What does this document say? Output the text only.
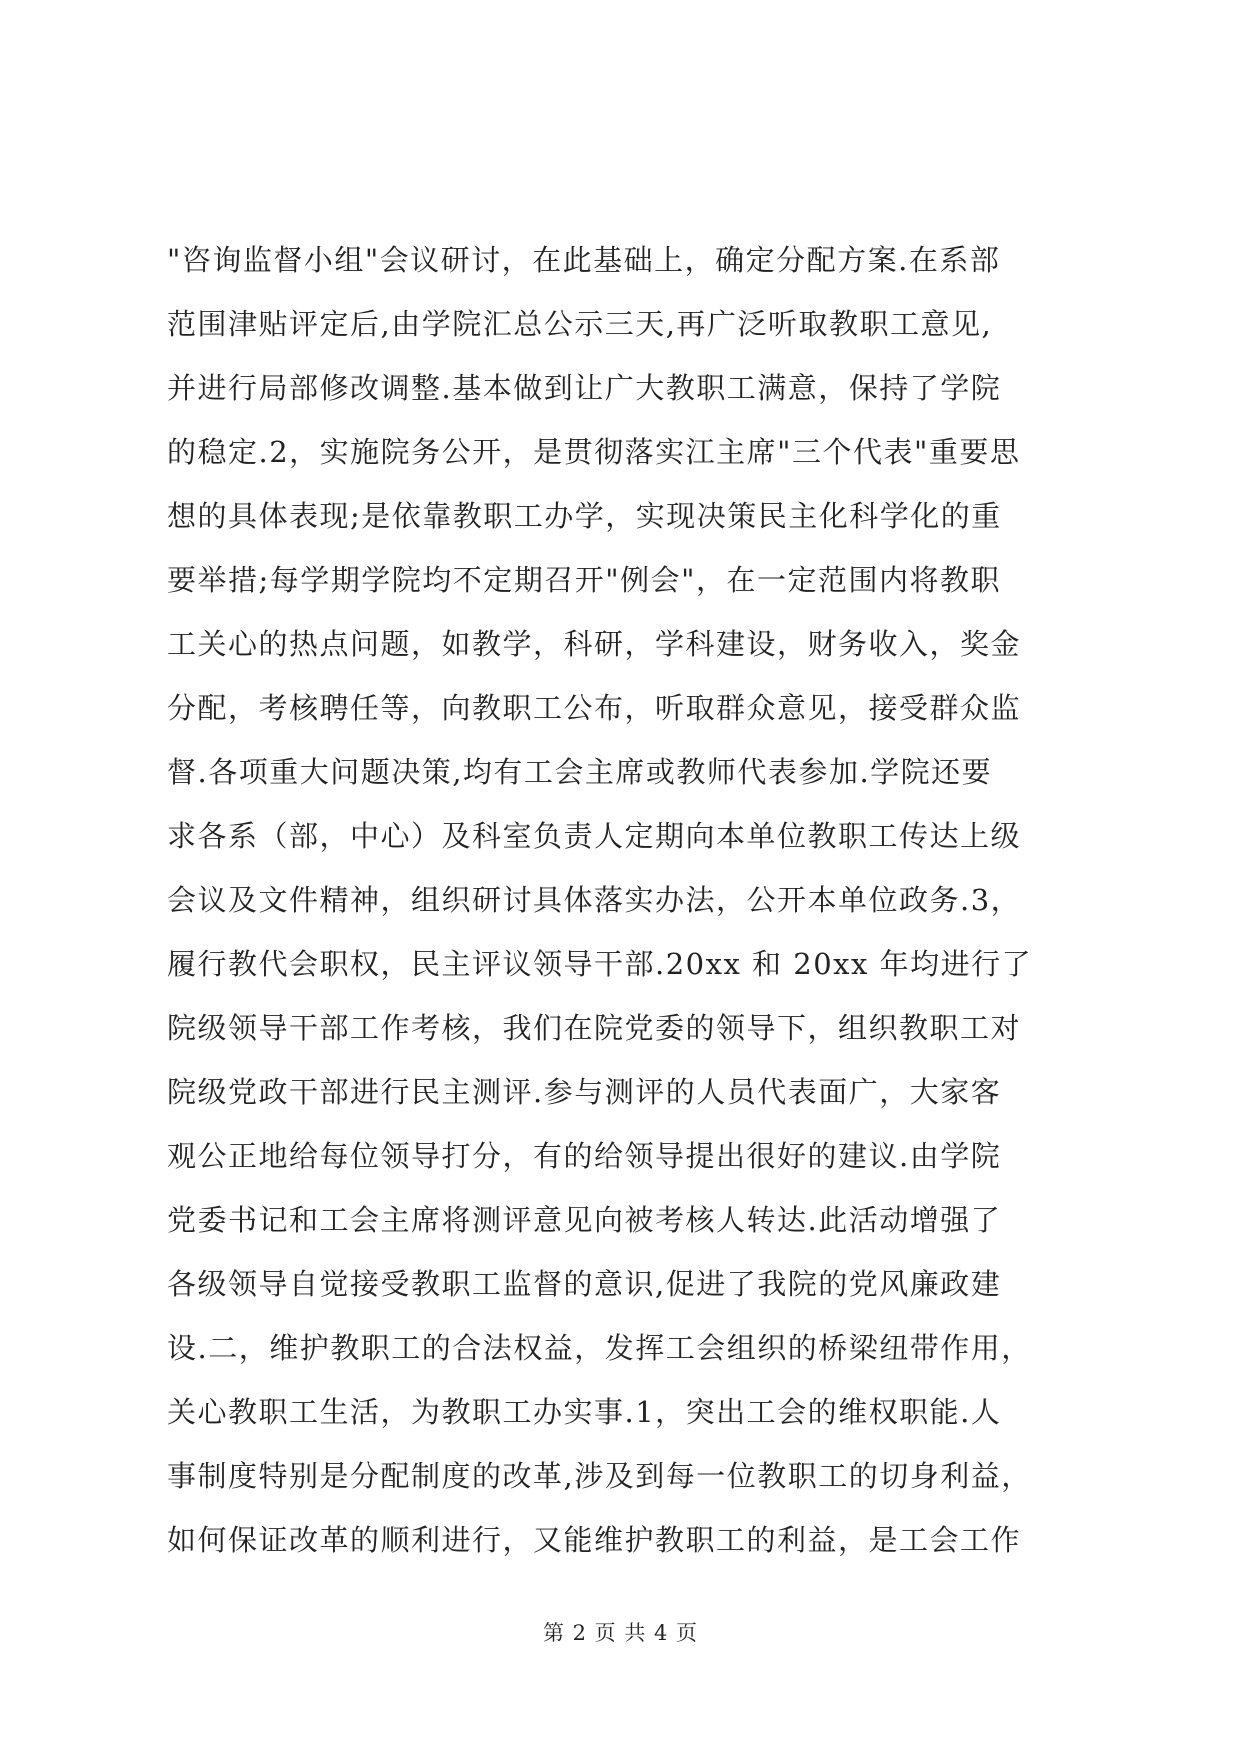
"咨询监督小组"会议研讨，在此基础上，确定分配方案.在系部
范围津贴评定后,由学院汇总公示三天,再广泛听取教职工意见,
并进行局部修改调整.基本做到让广大教职工满意，保持了学院
的稳定.2，实施院务公开，是贯彻落实江主席"三个代表"重要思
想的具体表现;是依靠教职工办学，实现决策民主化科学化的重
要举措;每学期学院均不定期召开"例会"，在一定范围内将教职
工关心的热点问题，如教学，科研，学科建设，财务收入，奖金
分配，考核聘任等，向教职工公布，听取群众意见，接受群众监
督.各项重大问题决策,均有工会主席或教师代表参加.学院还要
求各系（部，中心）及科室负责人定期向本单位教职工传达上级
会议及文件精神，组织研讨具体落实办法，公开本单位政务.3，
履行教代会职权，民主评议领导干部.20xx 和 20xx 年均进行了
院级领导干部工作考核，我们在院党委的领导下，组织教职工对
院级党政干部进行民主测评.参与测评的人员代表面广，大家客
观公正地给每位领导打分，有的给领导提出很好的建议.由学院
党委书记和工会主席将测评意见向被考核人转达.此活动增强了
各级领导自觉接受教职工监督的意识,促进了我院的党风廉政建
设.二，维护教职工的合法权益，发挥工会组织的桥梁纽带作用，
关心教职工生活，为教职工办实事.1，突出工会的维权职能.人
事制度特别是分配制度的改革,涉及到每一位教职工的切身利益，
如何保证改革的顺利进行，又能维护教职工的利益，是工会工作
第 2 页 共 4 页
